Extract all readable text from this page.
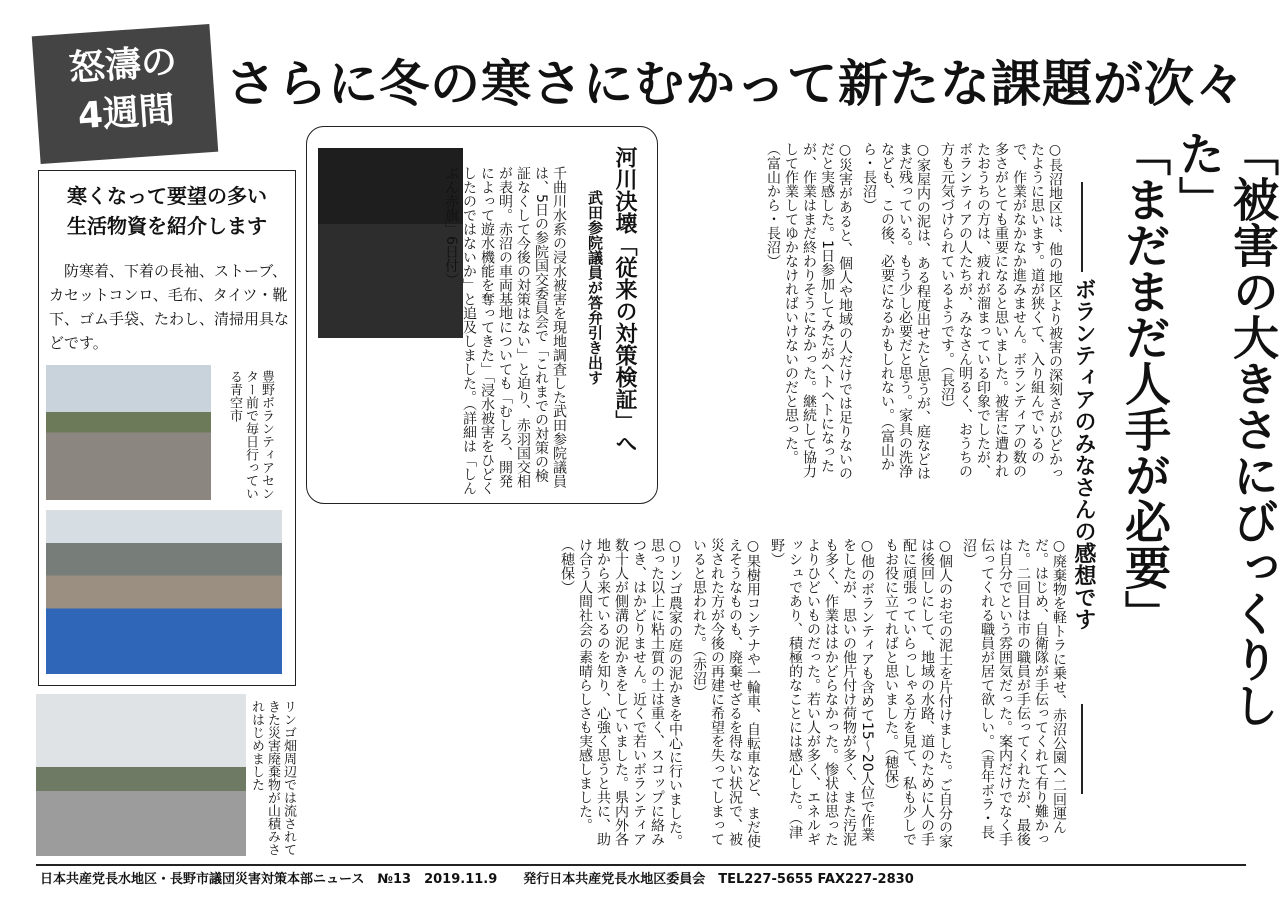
怒濤の
4週間
さらに冬の寒さにむかって新たな課題が次々
寒くなって要望の多い
生活物資を紹介します
防寒着、下着の長袖、ストーブ、カセットコンロ、毛布、タイツ・靴下、ゴム手袋、たわし、清掃用具などです。
豊野ボランティアセンター前で毎日行っている青空市
リンゴ畑周辺では流されてきた災害廃棄物が山積みされはじめました
河川決壊「従来の対策検証」へ
武田参院議員が答弁引き出す
千曲川水系の浸水被害を現地調査した武田参院議員は、5日の参院国交委員会で「これまでの対策の検証なくして今後の対策はない」と迫り、赤羽国交相が表明。赤沼の車両基地についても「むしろ、開発によって遊水機能を奪ってきた」「浸水被害をひどくしたのではないか」と追及しました。（詳細は「しんぶん赤旗」6日付）	○長沼地区は、他の地区より被害の深刻さがひどかったように思います。道が狭くて、入り組んでいるので、作業がなかなか進みません。ボランティアの数の多さがとても重要になると思いました。被害に遭われたおうちの方は、疲れが溜まっている印象でしたが、ボランティアの人たちが、みなさん明るく、おうちの方も元気づけられているようです。（長沼）

○家屋内の泥は、ある程度出せたと思うが、庭などはまだ残っている。もう少し必要だと思う。家具の洗浄なども、この後、必要になるかもしれない。（富山から・長沼）

○災害があると、個人や地域の人だけでは足りないのだと実感した。1日参加してみたがヘトヘトになったが、作業はまだ終わりそうになかった。継続して協力して作業してゆかなければいけないのだと思った。（富山から・長沼）	「被害の大きさにびっくりした」
「まだまだ人手が必要」
ボランティアのみなさんの感想です

○廃棄物を軽トラに乗せ、赤沼公園へ二回運んだ。はじめ、自衛隊が手伝ってくれて有り難かった。二回目は市の職員が手伝ってくれたが、最後は自分でという雰囲気だった。案内だけでなく手伝ってくれる職員が居て欲しい。（青年ボラ・長沼）

○個人のお宅の泥土を片付けました。ご自分の家は後回しにして、地域の水路、道のために人の手配に頑張っていらっしゃる方を見て、私も少しでもお役に立てればと思いました。（穂保）

○他のボランティアも含めて15～20人位で作業をしたが、思いの他片付け荷物が多く、また汚泥も多く、作業ははかどらなかった。惨状は思ったよりひどいものだった。若い人が多く、エネルギッシュであり、積極的なことには感心した。（津野）

○果樹用コンテナや一輪車、自転車など、まだ使えそうなものも、廃棄せざるを得ない状況で、被災された方が今後の再建に希望を失ってしまっていると思われた。（赤沼）

○リンゴ農家の庭の泥かきを中心に行いました。思った以上に粘土質の土は重く、スコップに絡みつき、はかどりません。近くで若いボランティア数十人が側溝の泥かきをしていました。県内外各地から来ているのを知り、心強く思うと共に、助け合う人間社会の素晴らしさも実感しました。（穂保）

日本共産党長水地区・長野市議団災害対策本部ニュース　№13　2019.11.9　　発行日本共産党長水地区委員会　TEL227-5655 FAX227-2830
